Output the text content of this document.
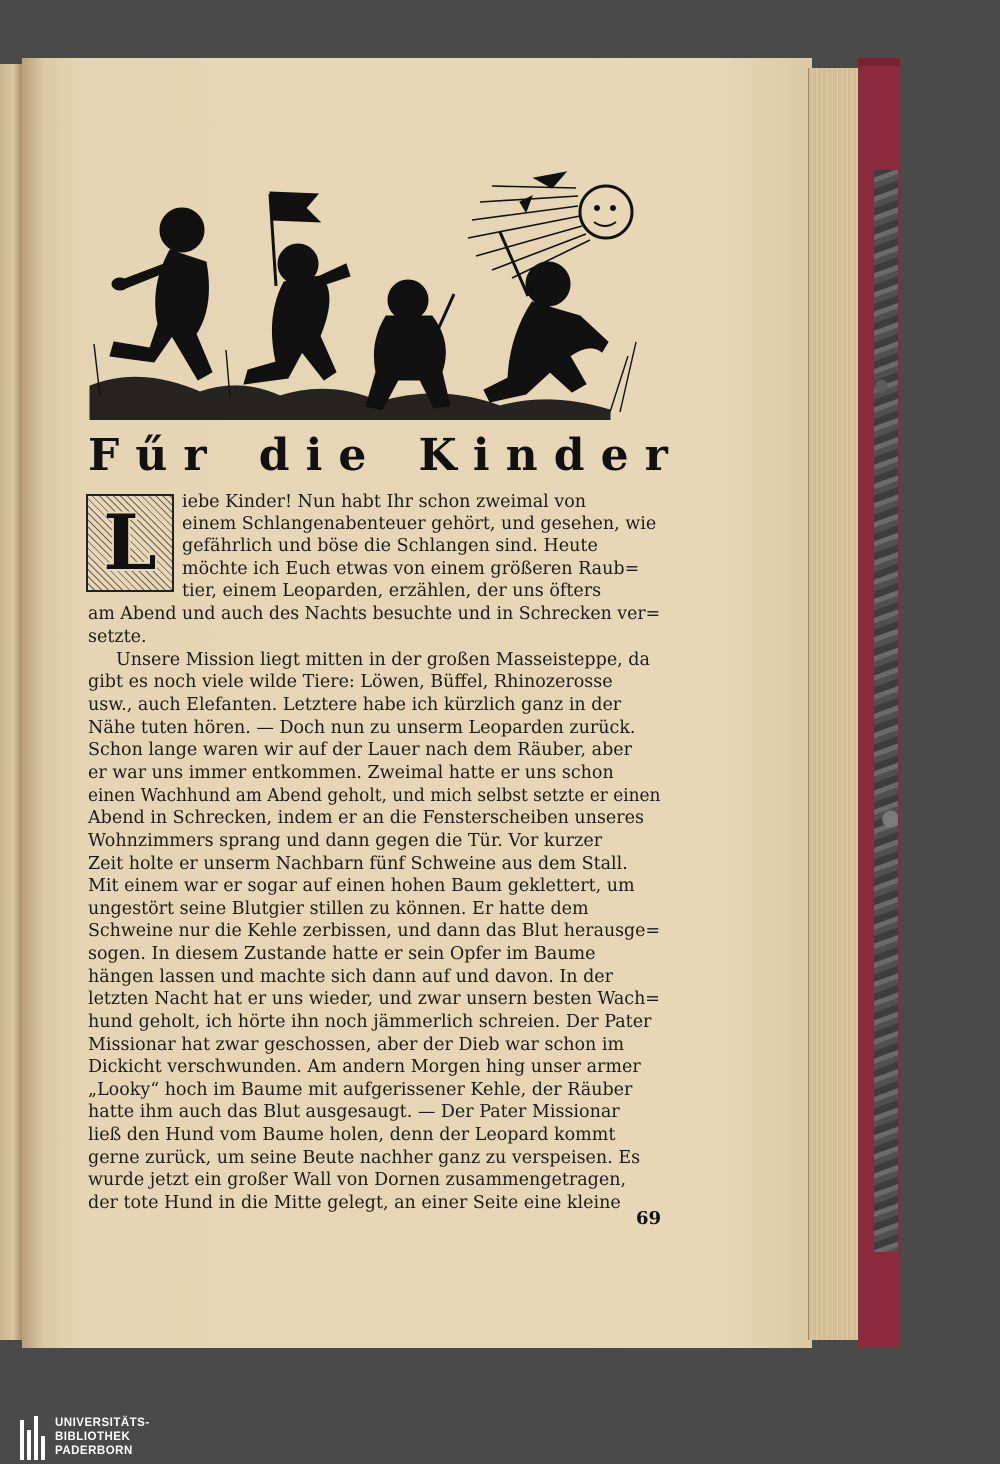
F ű r d i e K i n d e r
L iebe Kinder! Nun habt Ihr schon zweimal von
einem Schlangenabenteuer gehört, und gesehen, wie
gefährlich und böse die Schlangen sind. Heute
möchte ich Euch etwas von einem größeren Raub=
tier, einem Leoparden, erzählen, der uns öfters
am Abend und auch des Nachts besuchte und in Schrecken ver=
setzte.
Unsere Mission liegt mitten in der großen Masseisteppe, da
gibt es noch viele wilde Tiere: Löwen, Büffel, Rhinozerosse
usw., auch Elefanten. Letztere habe ich kürzlich ganz in der
Nähe tuten hören. — Doch nun zu unserm Leoparden zurück.
Schon lange waren wir auf der Lauer nach dem Räuber, aber
er war uns immer entkommen. Zweimal hatte er uns schon
einen Wachhund am Abend geholt, und mich selbst setzte er einen
Abend in Schrecken, indem er an die Fensterscheiben unseres
Wohnzimmers sprang und dann gegen die Tür. Vor kurzer
Zeit holte er unserm Nachbarn fünf Schweine aus dem Stall.
Mit einem war er sogar auf einen hohen Baum geklettert, um
ungestört seine Blutgier stillen zu können. Er hatte dem
Schweine nur die Kehle zerbissen, und dann das Blut herausge=
sogen. In diesem Zustande hatte er sein Opfer im Baume
hängen lassen und machte sich dann auf und davon. In der
letzten Nacht hat er uns wieder, und zwar unsern besten Wach=
hund geholt, ich hörte ihn noch jämmerlich schreien. Der Pater
Missionar hat zwar geschossen, aber der Dieb war schon im
Dickicht verschwunden. Am andern Morgen hing unser armer
„Looky“ hoch im Baume mit aufgerissener Kehle, der Räuber
hatte ihm auch das Blut ausgesaugt. — Der Pater Missionar
ließ den Hund vom Baume holen, denn der Leopard kommt
gerne zurück, um seine Beute nachher ganz zu verspeisen. Es
wurde jetzt ein großer Wall von Dornen zusammengetragen,
der tote Hund in die Mitte gelegt, an einer Seite eine kleine
69
UNIVERSITÄTS-
BIBLIOTHEK
PADERBORN
